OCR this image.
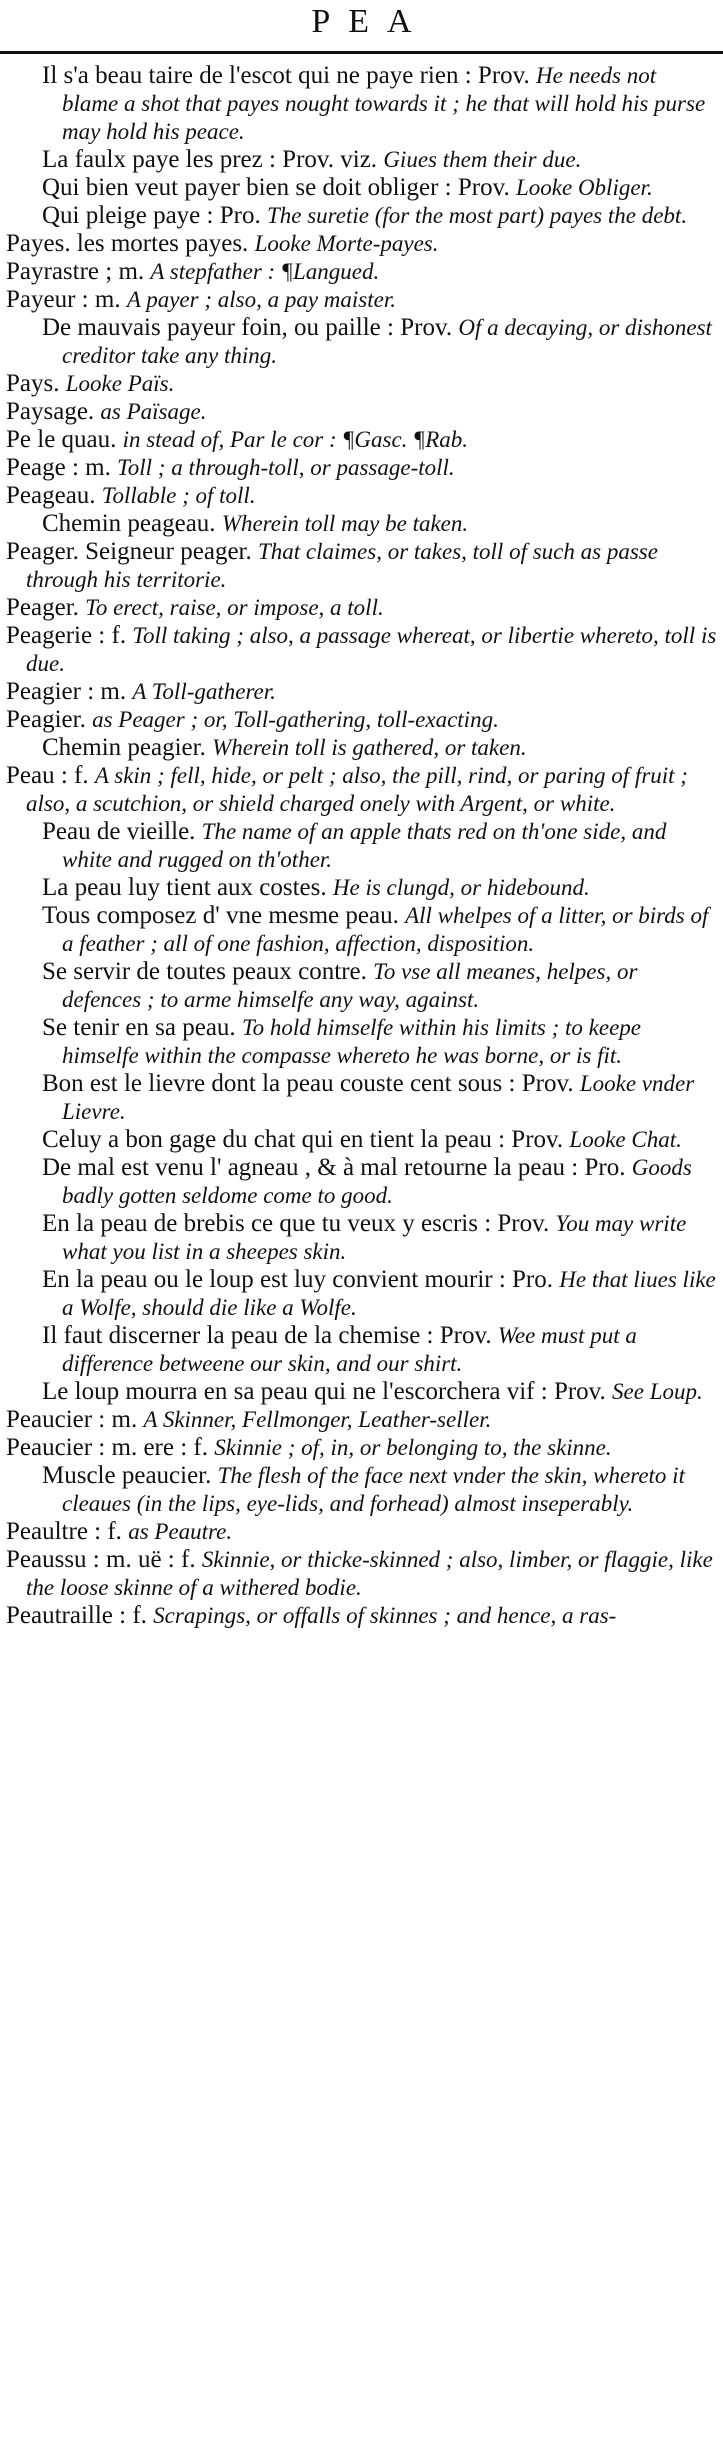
PEA

Il s'a beau taire de l'escot qui ne paye rien : Prov. He needs not blame a shot that payes nought towards it ; he that will hold his purse may hold his peace.

La faulx paye les prez : Prov. viz. Giues them their due.

Qui bien veut payer bien se doit obliger : Prov. Looke Obliger.

Qui pleige paye : Pro. The suretie (for the most part) payes the debt.

Payes. les mortes payes. Looke Morte-payes.

Payrastre ; m. A stepfather : ¶Langued.

Payeur : m. A payer ; also, a pay maister.

De mauvais payeur foin, ou paille : Prov. Of a decaying, or dishonest creditor take any thing.

Pays. Looke Païs.

Paysage. as Païsage.

Pe le quau. in stead of, Par le cor : ¶Gasc. ¶Rab.

Peage : m. Toll ; a through-toll, or passage-toll.

Peageau. Tollable ; of toll.

Chemin peageau. Wherein toll may be taken.

Peager. Seigneur peager. That claimes, or takes, toll of such as passe through his territorie.

Peager. To erect, raise, or impose, a toll.

Peagerie : f. Toll taking ; also, a passage whereat, or libertie whereto, toll is due.

Peagier : m. A Toll-gatherer.

Peagier. as Peager ; or, Toll-gathering, toll-exacting.

Chemin peagier. Wherein toll is gathered, or taken.

Peau : f. A skin ; fell, hide, or pelt ; also, the pill, rind, or paring of fruit ; also, a scutchion, or shield charged onely with Argent, or white.

Peau de vieille. The name of an apple thats red on th'one side, and white and rugged on th'other.

La peau luy tient aux costes. He is clungd, or hidebound.

Tous composez d' vne mesme peau. All whelpes of a litter, or birds of a feather ; all of one fashion, affection, disposition.

Se servir de toutes peaux contre. To vse all meanes, helpes, or defences ; to arme himselfe any way, against.

Se tenir en sa peau. To hold himselfe within his limits ; to keepe himselfe within the compasse whereto he was borne, or is fit.

Bon est le lievre dont la peau couste cent sous : Prov. Looke vnder Lievre.

Celuy a bon gage du chat qui en tient la peau : Prov. Looke Chat.

De mal est venu l' agneau , & à mal retourne la peau : Pro. Goods badly gotten seldome come to good.

En la peau de brebis ce que tu veux y escris : Prov. You may write what you list in a sheepes skin.

En la peau ou le loup est luy convient mourir : Pro. He that liues like a Wolfe, should die like a Wolfe.

Il faut discerner la peau de la chemise : Prov. Wee must put a difference betweene our skin, and our shirt.

Le loup mourra en sa peau qui ne l'escorchera vif : Prov. See Loup.

Peaucier : m. A Skinner, Fellmonger, Leather-seller.

Peaucier : m. ere : f. Skinnie ; of, in, or belonging to, the skinne.

Muscle peaucier. The flesh of the face next vnder the skin, whereto it cleaues (in the lips, eye-lids, and forhead) almost inseperably.

Peaultre : f. as Peautre.

Peaussu : m. uë : f. Skinnie, or thicke-skinned ; also, limber, or flaggie, like the loose skinne of a withered bodie.

Peautraille : f. Scrapings, or offalls of skinnes ; and hence, a ras-
